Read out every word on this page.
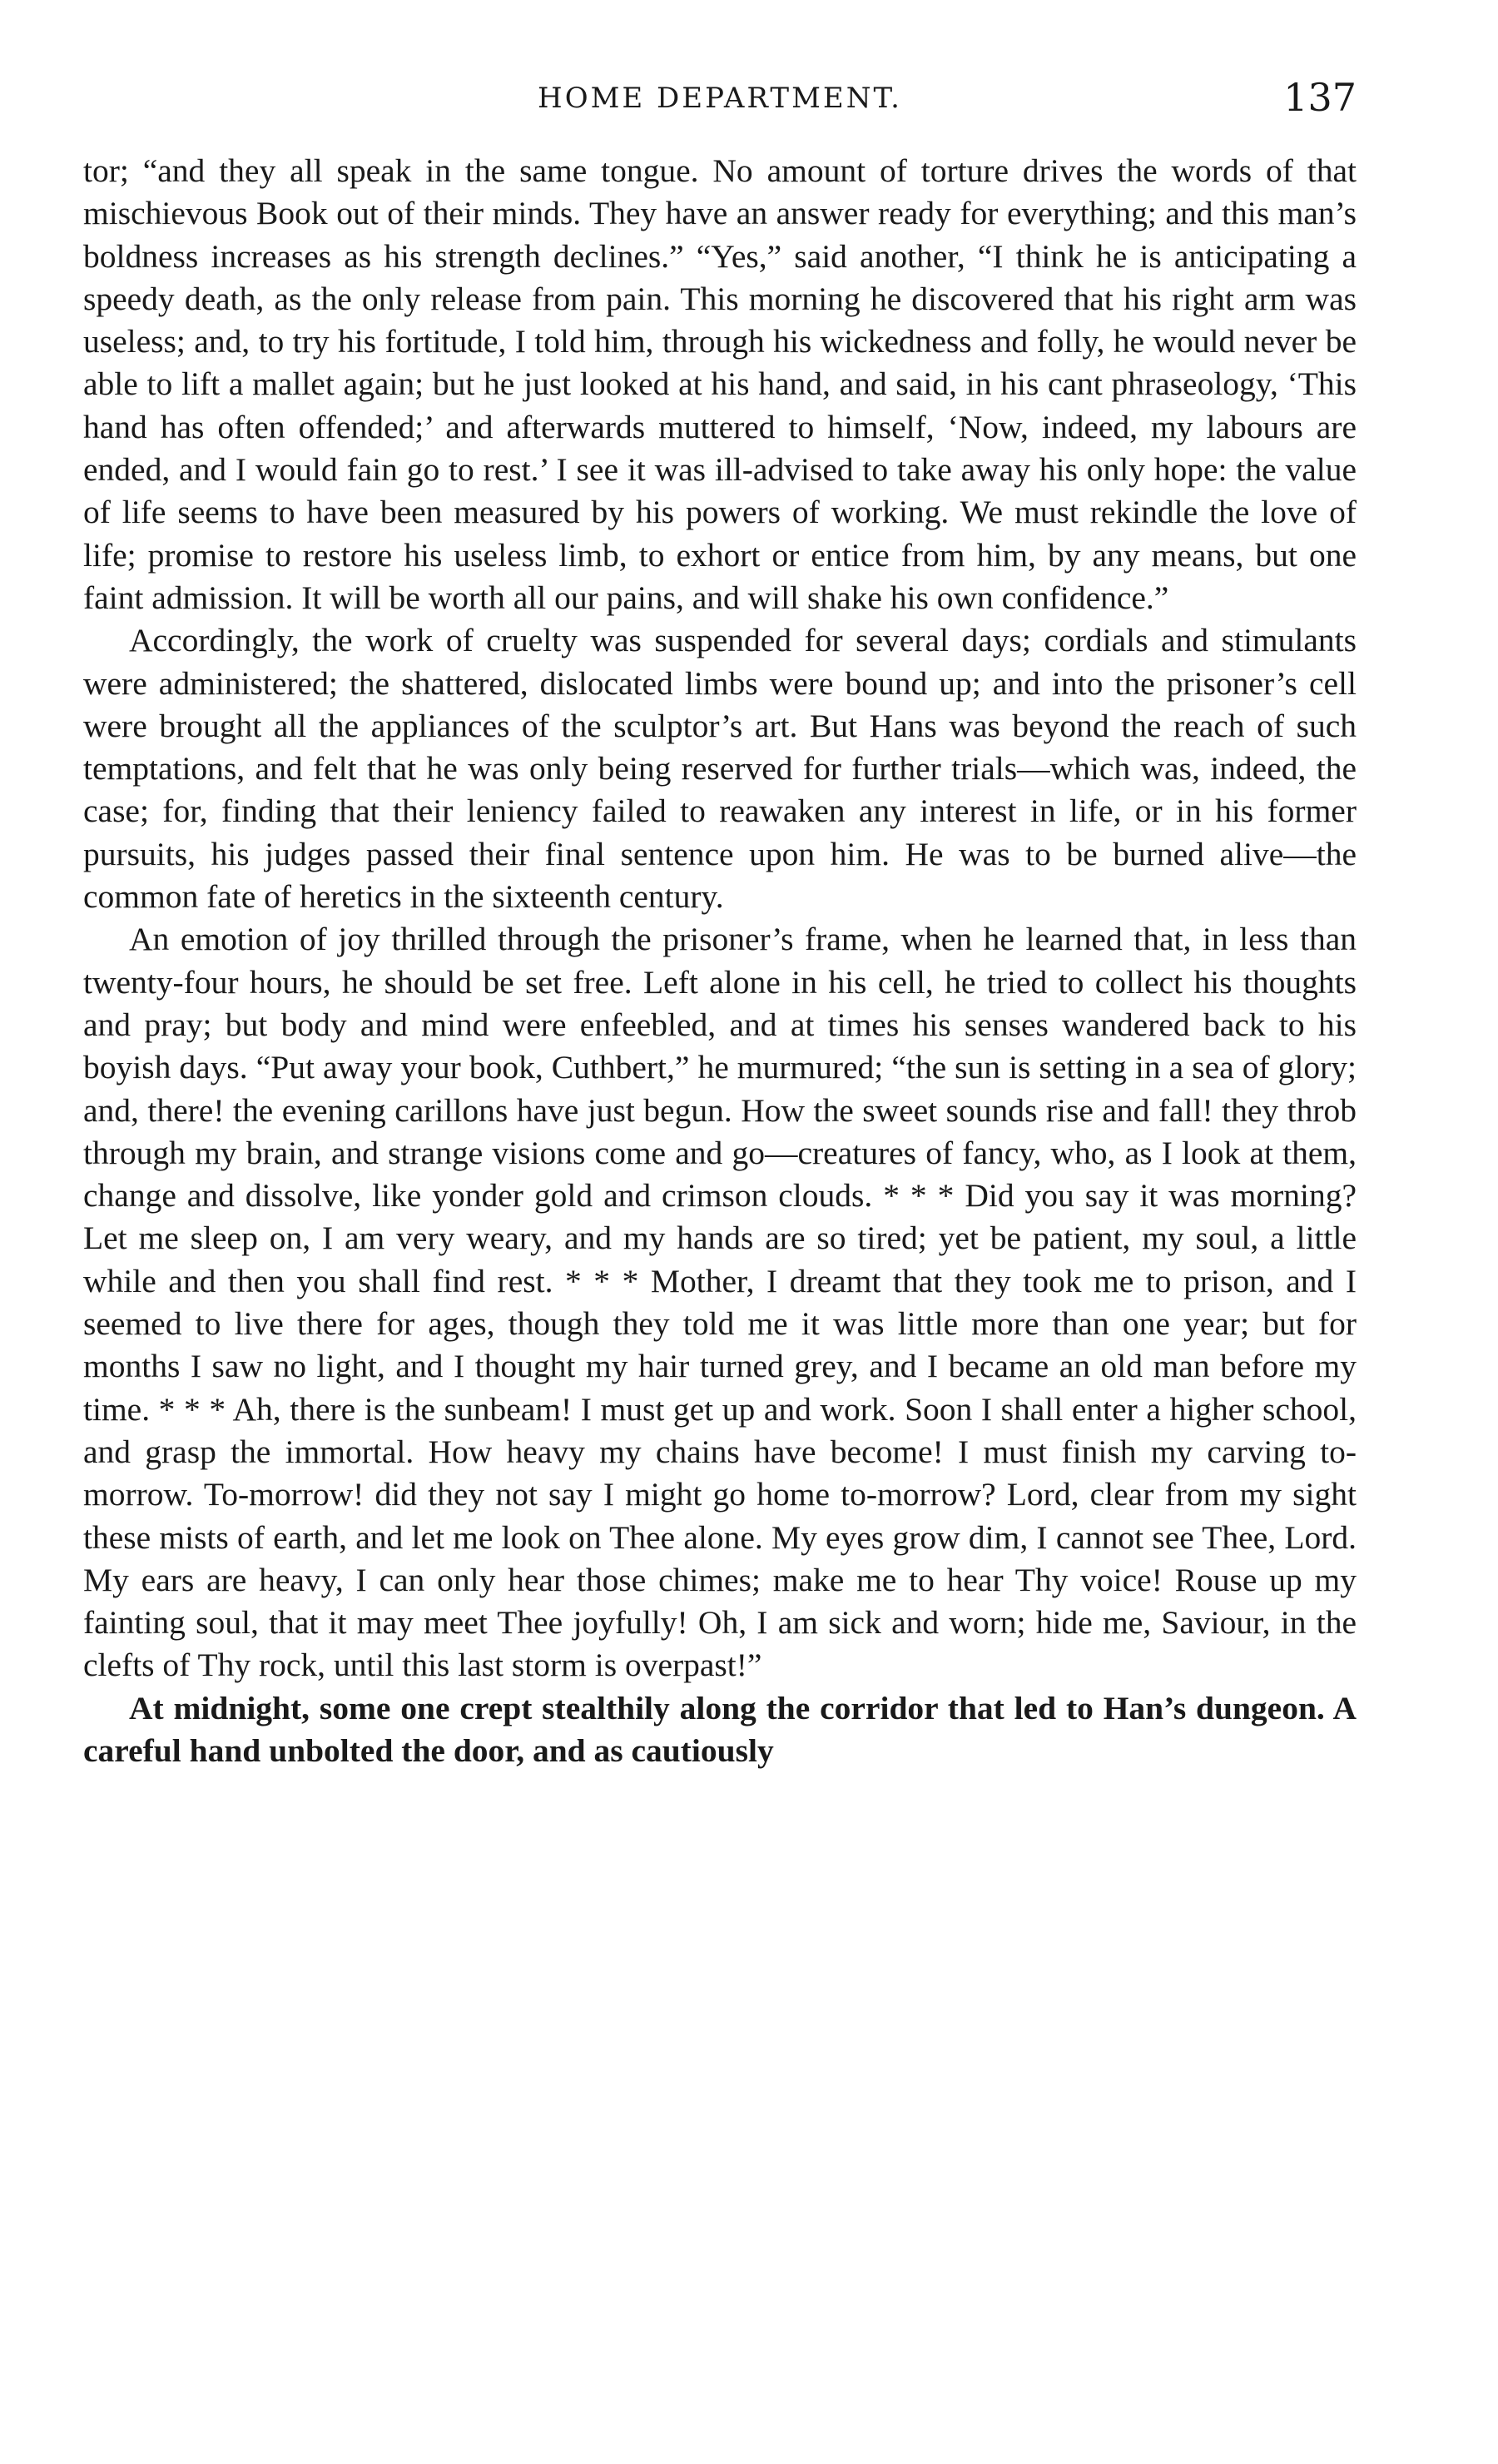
HOME DEPARTMENT.	137

tor; “and they all speak in the same tongue. No amount of torture drives the words of that mischievous Book out of their minds. They have an answer ready for everything; and this man’s boldness increases as his strength declines.” “Yes,” said another, “I think he is anticipating a speedy death, as the only release from pain. This morning he discovered that his right arm was useless; and, to try his fortitude, I told him, through his wickedness and folly, he would never be able to lift a mallet again; but he just looked at his hand, and said, in his cant phraseology, ‘This hand has often offended;’ and afterwards muttered to himself, ‘Now, indeed, my labours are ended, and I would fain go to rest.’ I see it was ill-advised to take away his only hope: the value of life seems to have been measured by his powers of working. We must rekindle the love of life; promise to restore his useless limb, to exhort or entice from him, by any means, but one faint admission. It will be worth all our pains, and will shake his own confidence.”

Accordingly, the work of cruelty was suspended for several days; cordials and stimulants were administered; the shattered, dislocated limbs were bound up; and into the prisoner’s cell were brought all the appliances of the sculptor’s art. But Hans was beyond the reach of such temptations, and felt that he was only being reserved for further trials—which was, indeed, the case; for, finding that their leniency failed to reawaken any interest in life, or in his former pursuits, his judges passed their final sentence upon him. He was to be burned alive—the common fate of heretics in the sixteenth century.

An emotion of joy thrilled through the prisoner’s frame, when he learned that, in less than twenty-four hours, he should be set free. Left alone in his cell, he tried to collect his thoughts and pray; but body and mind were enfeebled, and at times his senses wandered back to his boyish days. “Put away your book, Cuthbert,” he murmured; “the sun is setting in a sea of glory; and, there! the evening carillons have just begun. How the sweet sounds rise and fall! they throb through my brain, and strange visions come and go—creatures of fancy, who, as I look at them, change and dissolve, like yonder gold and crimson clouds. * * * Did you say it was morning? Let me sleep on, I am very weary, and my hands are so tired; yet be patient, my soul, a little while and then you shall find rest. * * * Mother, I dreamt that they took me to prison, and I seemed to live there for ages, though they told me it was little more than one year; but for months I saw no light, and I thought my hair turned grey, and I became an old man before my time. * * * Ah, there is the sunbeam! I must get up and work. Soon I shall enter a higher school, and grasp the immortal. How heavy my chains have become! I must finish my carving to-morrow. To-morrow! did they not say I might go home to-morrow? Lord, clear from my sight these mists of earth, and let me look on Thee alone. My eyes grow dim, I cannot see Thee, Lord. My ears are heavy, I can only hear those chimes; make me to hear Thy voice! Rouse up my fainting soul, that it may meet Thee joyfully! Oh, I am sick and worn; hide me, Saviour, in the clefts of Thy rock, until this last storm is overpast!”

At midnight, some one crept stealthily along the corridor that led to Han’s dungeon. A careful hand unbolted the door, and as cautiously
